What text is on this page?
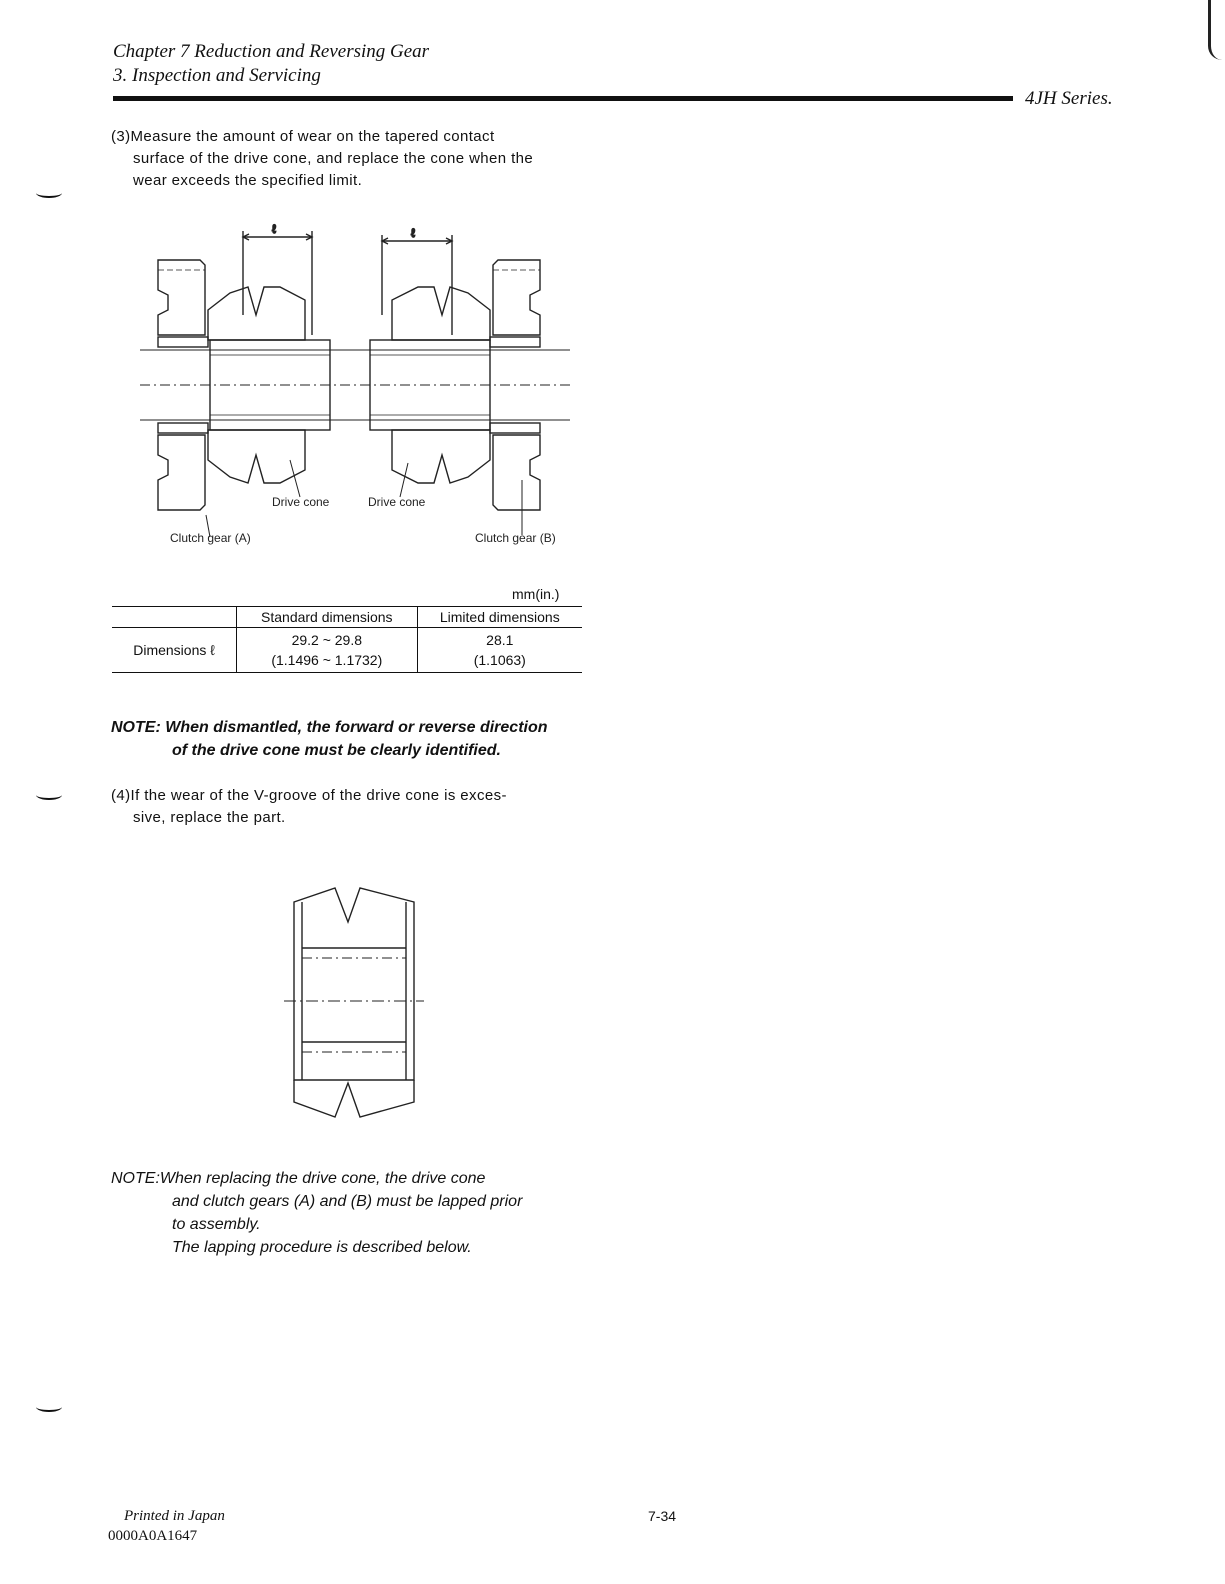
Chapter 7 Reduction and Reversing Gear
3. Inspection and Servicing
4JH Series.
(3)Measure the amount of wear on the tapered contact
surface of the drive cone, and replace the cone when the
wear exceeds the specified limit.
ℓ	ℓ
Drive cone	Drive cone
Clutch gear (A)	Clutch gear (B)
mm(in.)
	Standard dimensions	Limited dimensions
Dimensions ℓ	29.2 ~ 29.8	28.1
	(1.1496 ~ 1.1732)	(1.1063)
NOTE: When dismantled, the forward or reverse direction
of the drive cone must be clearly identified.
(4)If the wear of the V-groove of the drive cone is exces-
sive, replace the part.
NOTE:When replacing the drive cone, the drive cone
and clutch gears (A) and (B) must be lapped prior
to assembly.
The lapping procedure is described below.
Printed in Japan
0000A0A1647
7-34
